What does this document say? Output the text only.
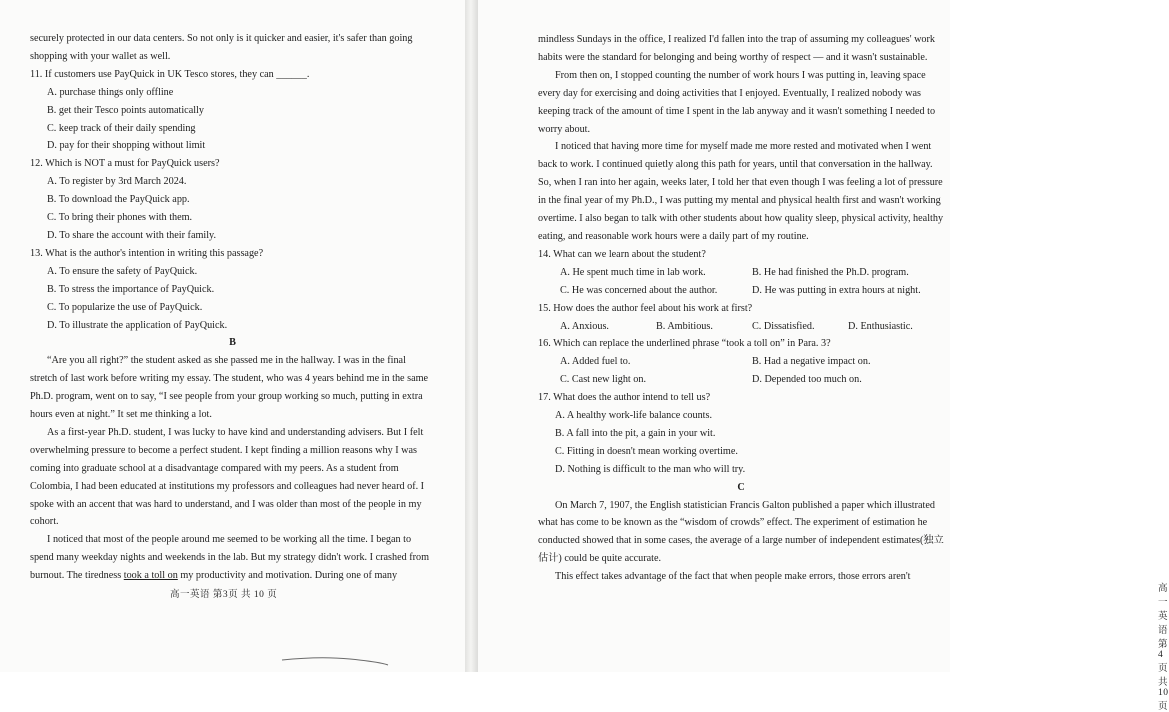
securely protected in our data centers. So not only is it quicker and easier, it's safer than going

shopping with your wallet as well.

11. If customers use PayQuick in UK Tesco stores, they can ______.
A. purchase things only offline
B. get their Tesco points automatically
C. keep track of their daily spending
D. pay for their shopping without limit
12. Which is NOT a must for PayQuick users?
A. To register by 3rd March 2024.
B. To download the PayQuick app.
C. To bring their phones with them.
D. To share the account with their family.
13. What is the author's intention in writing this passage?
A. To ensure the safety of PayQuick.
B. To stress the importance of PayQuick.
C. To popularize the use of PayQuick.
D. To illustrate the application of PayQuick.

B

“Are you all right?” the student asked as she passed me in the hallway. I was in the final stretch of last work before writing my essay. The student, who was 4 years behind me in the same Ph.D. program, went on to say, “I see people from your group working so much, putting in extra hours even at night.” It set me thinking a lot.

As a first-year Ph.D. student, I was lucky to have kind and understanding advisers. But I felt overwhelming pressure to become a perfect student. I kept finding a million reasons why I was coming into graduate school at a disadvantage compared with my peers. As a student from Colombia, I had been educated at institutions my professors and colleagues had never heard of. I spoke with an accent that was hard to understand, and I was older than most of the people in my cohort.

I noticed that most of the people around me seemed to be working all the time. I began to spend many weekday nights and weekends in the lab. But my strategy didn't work. I crashed from burnout. The tiredness took a toll on my productivity and motivation. During one of many

高一英语 第3页 共 10 页

mindless Sundays in the office, I realized I'd fallen into the trap of assuming my colleagues' work habits were the standard for belonging and being worthy of respect — and it wasn't sustainable.

From then on, I stopped counting the number of work hours I was putting in, leaving space every day for exercising and doing activities that I enjoyed. Eventually, I realized nobody was keeping track of the amount of time I spent in the lab anyway and it wasn't something I needed to worry about.

I noticed that having more time for myself made me more rested and motivated when I went back to work. I continued quietly along this path for years, until that conversation in the hallway. So, when I ran into her again, weeks later, I told her that even though I was feeling a lot of pressure in the final year of my Ph.D., I was putting my mental and physical health first and wasn't working overtime. I also began to talk with other students about how quality sleep, physical activity, healthy eating, and reasonable work hours were a daily part of my routine.

14. What can we learn about the student?
A. He spent much time in lab work.	B. He had finished the Ph.D. program.
C. He was concerned about the author.	D. He was putting in extra hours at night.
15. How does the author feel about his work at first?
A. Anxious.	B. Ambitious.	C. Dissatisfied.	D. Enthusiastic.
16. Which can replace the underlined phrase “took a toll on” in Para. 3?
A. Added fuel to.	B. Had a negative impact on.
C. Cast new light on.	D. Depended too much on.
17. What does the author intend to tell us?
A. A healthy work-life balance counts.
B. A fall into the pit, a gain in your wit.
C. Fitting in doesn't mean working overtime.
D. Nothing is difficult to the man who will try.

C

On March 7, 1907, the English statistician Francis Galton published a paper which illustrated what has come to be known as the “wisdom of crowds” effect. The experiment of estimation he conducted showed that in some cases, the average of a large number of independent estimates(独立估计) could be quite accurate.

This effect takes advantage of the fact that when people make errors, those errors aren't

高一英语 第4页 共 10 页
